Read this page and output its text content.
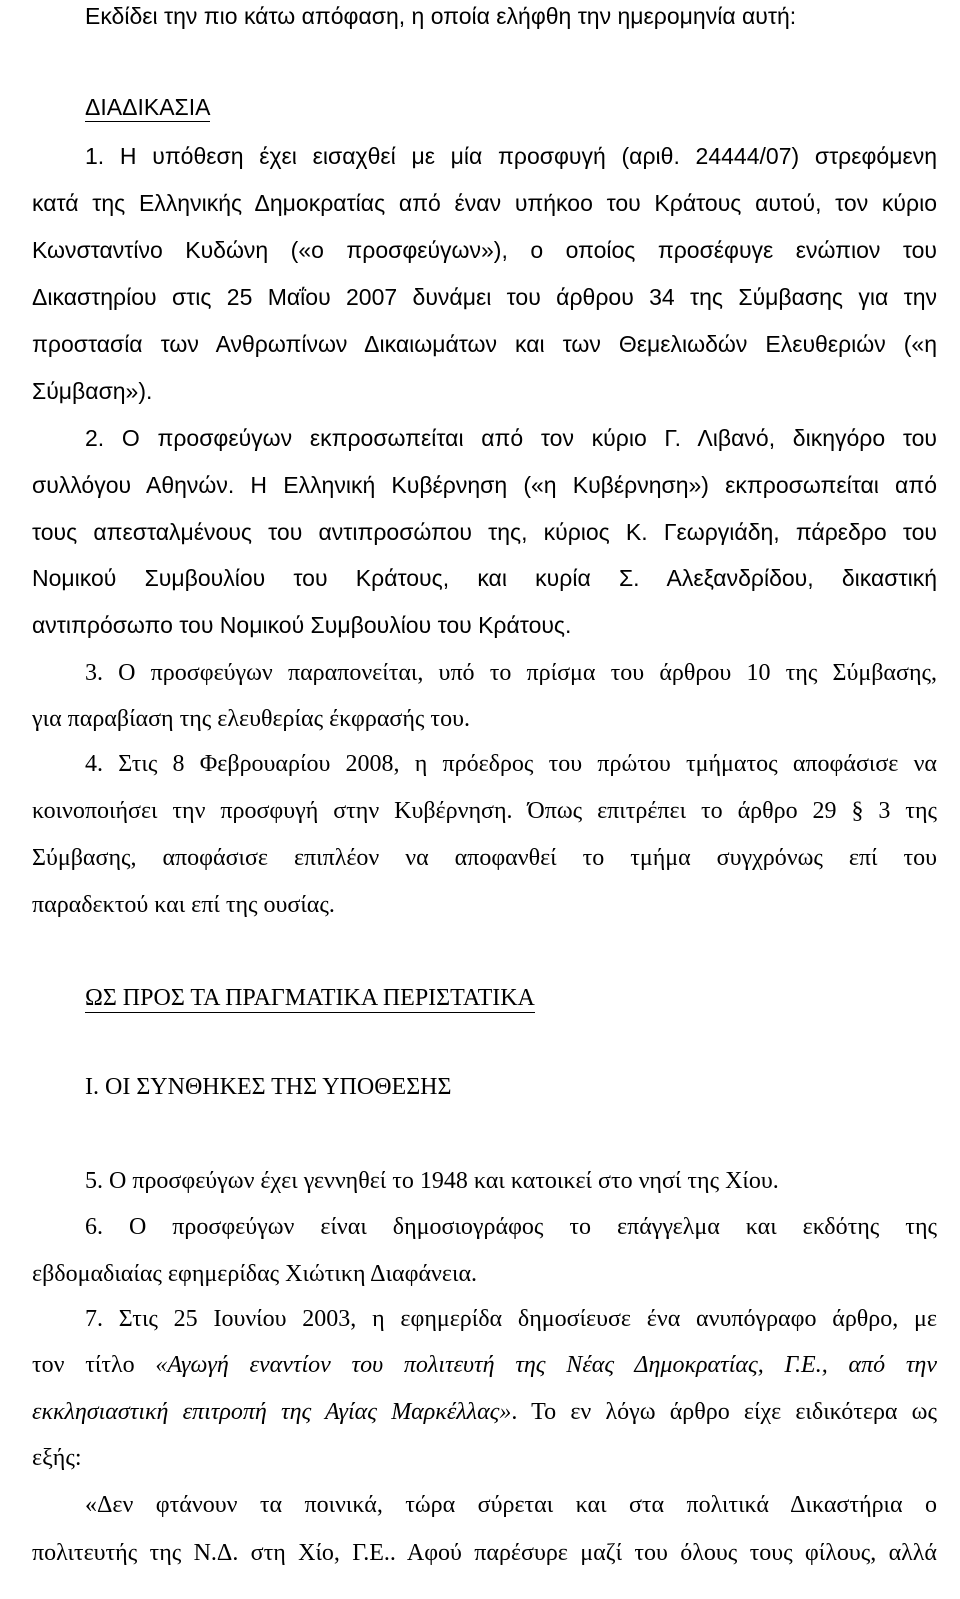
Εκδίδει την πιο κάτω απόφαση, η οποία ελήφθη την ημερομηνία αυτή:
ΔΙΑΔΙΚΑΣΙΑ
1. Η υπόθεση έχει εισαχθεί με μία προσφυγή (αριθ. 24444/07) στρεφόμενη
κατά της Ελληνικής Δημοκρατίας από έναν υπήκοο του Κράτους αυτού, τον κύριο
Κωνσταντίνο Κυδώνη («ο προσφεύγων»), ο οποίος προσέφυγε ενώπιον του
Δικαστηρίου στις 25 Μαΐου 2007 δυνάμει του άρθρου 34 της Σύμβασης για την
προστασία των Ανθρωπίνων Δικαιωμάτων και των Θεμελιωδών Ελευθεριών («η
Σύμβαση»).
2. Ο προσφεύγων εκπροσωπείται από τον κύριο Γ. Λιβανό, δικηγόρο του
συλλόγου Αθηνών. Η Ελληνική Κυβέρνηση («η Κυβέρνηση») εκπροσωπείται από
τους απεσταλμένους του αντιπροσώπου της, κύριος Κ. Γεωργιάδη, πάρεδρο του
Νομικού Συμβουλίου του Κράτους, και κυρία Σ. Αλεξανδρίδου, δικαστική
αντιπρόσωπο του Νομικού Συμβουλίου του Κράτους.
3. Ο προσφεύγων παραπονείται, υπό το πρίσμα του άρθρου 10 της Σύμβασης,
για παραβίαση της ελευθερίας έκφρασής του.
4. Στις 8 Φεβρουαρίου 2008, η πρόεδρος του πρώτου τμήματος αποφάσισε να
κοινοποιήσει την προσφυγή στην Κυβέρνηση. Όπως επιτρέπει το άρθρο 29 § 3 της
Σύμβασης, αποφάσισε επιπλέον να αποφανθεί το τμήμα συγχρόνως επί του
παραδεκτού και επί της ουσίας.
ΩΣ ΠΡΟΣ ΤΑ ΠΡΑΓΜΑΤΙΚΑ ΠΕΡΙΣΤΑΤΙΚΑ
I. ΟΙ ΣΥΝΘΗΚΕΣ ΤΗΣ ΥΠΟΘΕΣΗΣ
5. Ο προσφεύγων έχει γεννηθεί το 1948 και κατοικεί στο νησί της Χίου.
6. Ο προσφεύγων είναι δημοσιογράφος το επάγγελμα και εκδότης της
εβδομαδιαίας εφημερίδας Χιώτικη Διαφάνεια.
7. Στις 25 Ιουνίου 2003, η εφημερίδα δημοσίευσε ένα ανυπόγραφο άρθρο, με
τον τίτλο «Αγωγή εναντίον του πολιτευτή της Νέας Δημοκρατίας, Γ.Ε., από την
εκκλησιαστική επιτροπή της Αγίας Μαρκέλλας». Το εν λόγω άρθρο είχε ειδικότερα ως
εξής:
«Δεν φτάνουν τα ποινικά, τώρα σύρεται και στα πολιτικά Δικαστήρια ο
πολιτευτής της Ν.Δ. στη Χίο, Γ.Ε.. Αφού παρέσυρε μαζί του όλους τους φίλους, αλλά
